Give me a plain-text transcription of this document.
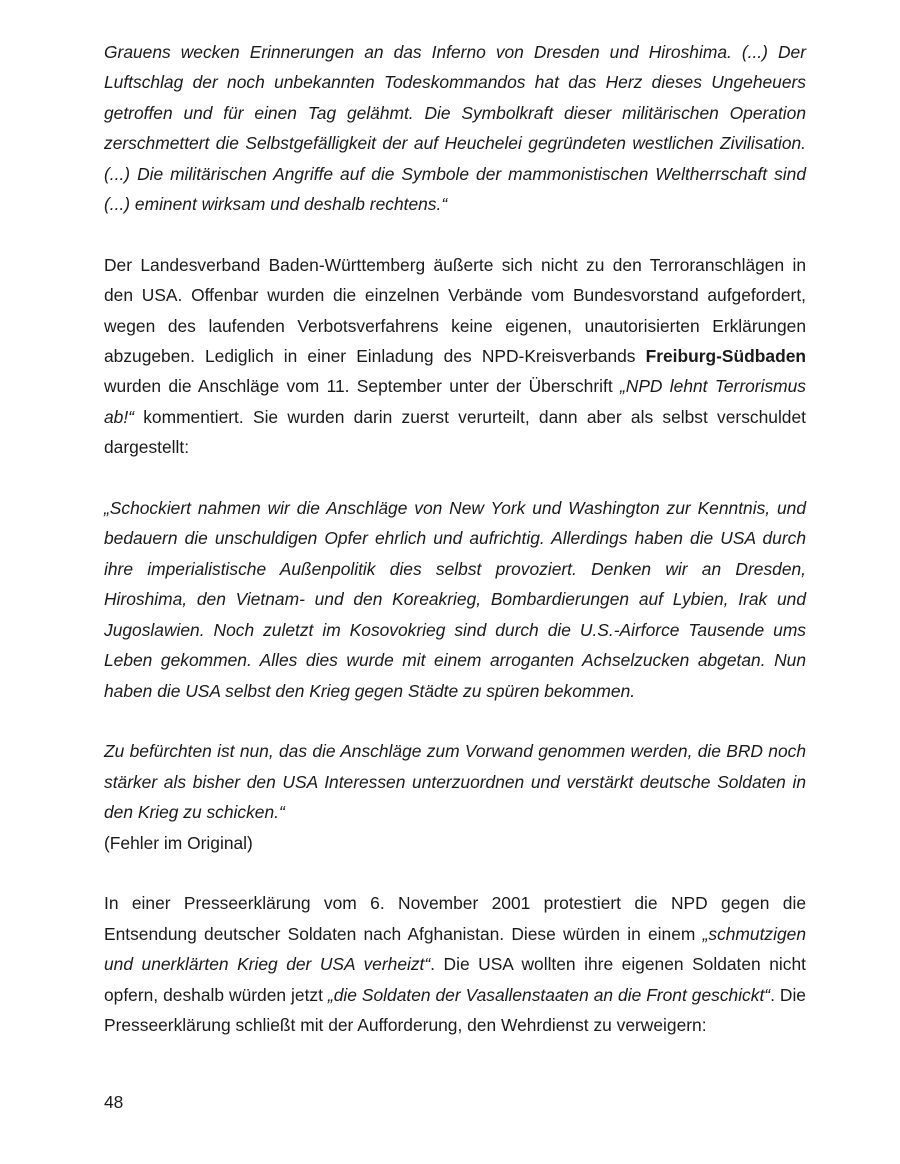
Grauens wecken Erinnerungen an das Inferno von Dresden und Hiroshima. (...) Der Luftschlag der noch unbekannten Todeskommandos hat das Herz dieses Ungeheuers getroffen und für einen Tag gelähmt. Die Symbolkraft dieser militärischen Operation zerschmettert die Selbstgefälligkeit der auf Heuchelei gegründeten westlichen Zivilisation. (...) Die militärischen Angriffe auf die Symbole der mammonistischen Weltherrschaft sind (...) eminent wirksam und deshalb rechtens.“

Der Landesverband Baden-Württemberg äußerte sich nicht zu den Terroranschlägen in den USA. Offenbar wurden die einzelnen Verbände vom Bundesvorstand aufgefordert, wegen des laufenden Verbotsverfahrens keine eigenen, unautorisierten Erklärungen abzugeben. Lediglich in einer Einladung des NPD-Kreisverbands Freiburg-Südbaden wurden die Anschläge vom 11. September unter der Überschrift „NPD lehnt Terrorismus ab!“ kommentiert. Sie wurden darin zuerst verurteilt, dann aber als selbst verschuldet dargestellt:

„Schockiert nahmen wir die Anschläge von New York und Washington zur Kenntnis, und bedauern die unschuldigen Opfer ehrlich und aufrichtig. Allerdings haben die USA durch ihre imperialistische Außenpolitik dies selbst provoziert. Denken wir an Dresden, Hiroshima, den Vietnam- und den Koreakrieg, Bombardierungen auf Lybien, Irak und Jugoslawien. Noch zuletzt im Kosovokrieg sind durch die U.S.-Airforce Tausende ums Leben gekommen. Alles dies wurde mit einem arroganten Achselzucken abgetan. Nun haben die USA selbst den Krieg gegen Städte zu spüren bekommen.

Zu befürchten ist nun, das die Anschläge zum Vorwand genommen werden, die BRD noch stärker als bisher den USA Interessen unterzuordnen und verstärkt deutsche Soldaten in den Krieg zu schicken.“

(Fehler im Original)

In einer Presseerklärung vom 6. November 2001 protestiert die NPD gegen die Entsendung deutscher Soldaten nach Afghanistan. Diese würden in einem „schmutzigen und unerklärten Krieg der USA verheizt“. Die USA wollten ihre eigenen Soldaten nicht opfern, deshalb würden jetzt „die Soldaten der Vasallenstaaten an die Front geschickt“. Die Presseerklärung schließt mit der Aufforderung, den Wehrdienst zu verweigern:

48
